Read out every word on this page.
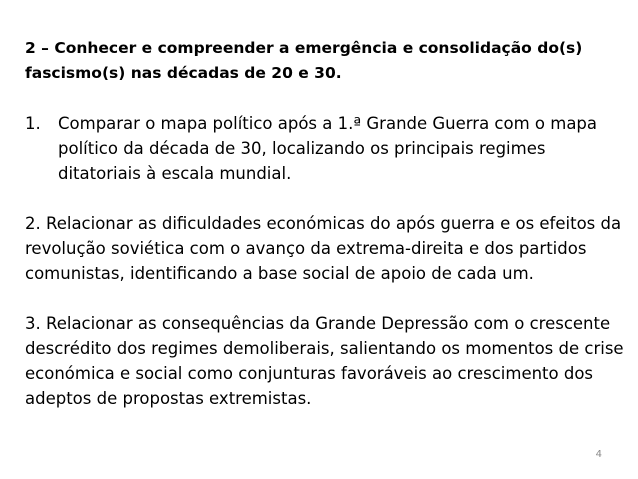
2 – Conhecer e compreender a emergência e consolidação do(s) fascismo(s) nas décadas de 20 e 30.

1.	Comparar o mapa político após a 1.ª Grande Guerra com o mapa político da década de 30, localizando os principais regimes ditatoriais à escala mundial.

2. Relacionar as dificuldades económicas do após guerra e os efeitos da revolução soviética com o avanço da extrema-direita e dos partidos comunistas, identificando a base social de apoio de cada um.

3. Relacionar as consequências da Grande Depressão com o crescente descrédito dos regimes demoliberais, salientando os momentos de crise económica e social como conjunturas favoráveis ao crescimento dos adeptos de propostas extremistas.

4
